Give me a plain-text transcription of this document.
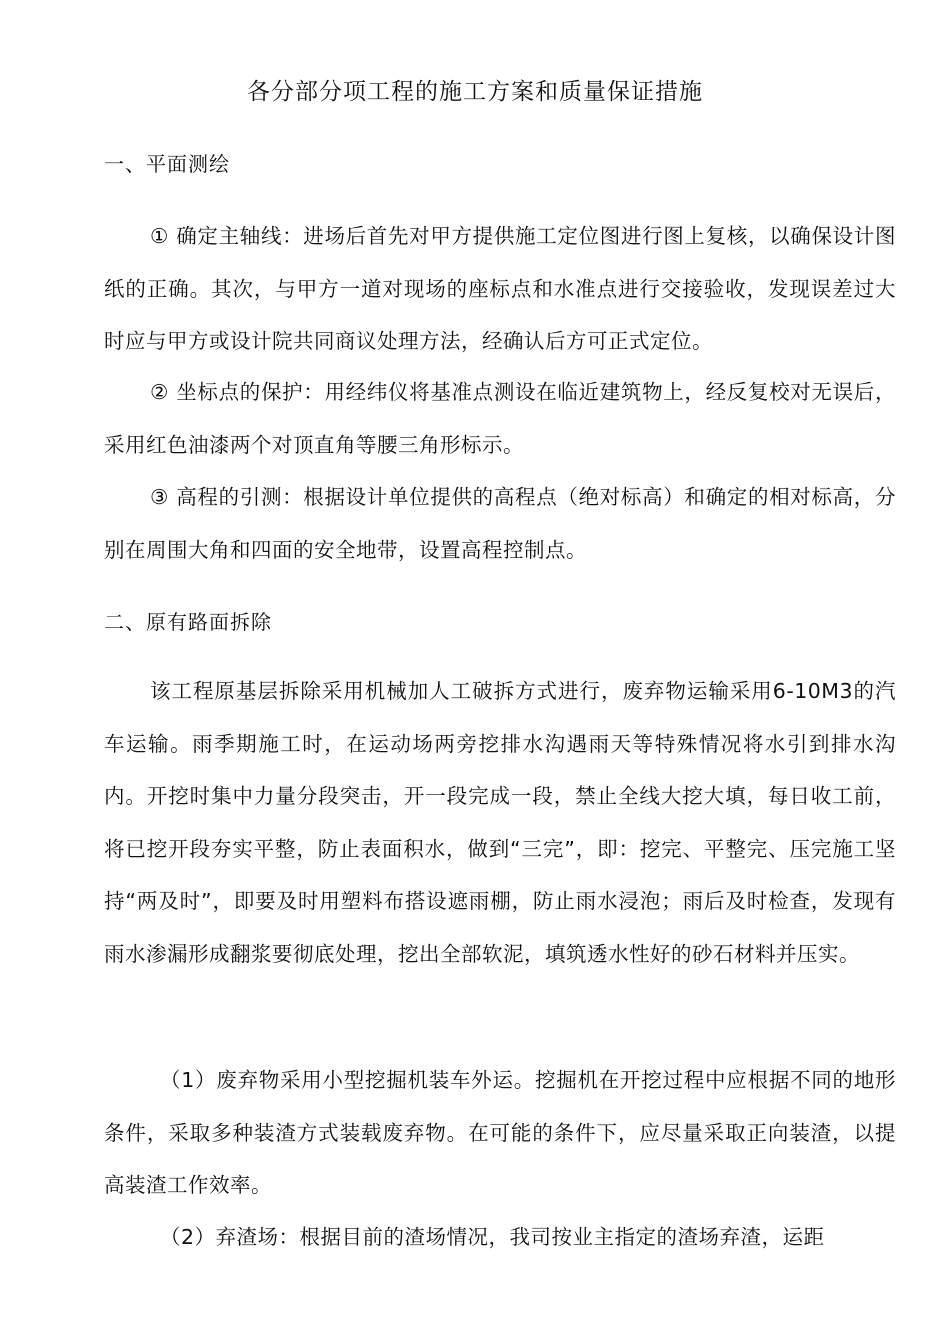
各分部分项工程的施工方案和质量保证措施
一、平面测绘
① 确定主轴线：进场后首先对甲方提供施工定位图进行图上复核，以确保设计图纸的正确。其次，与甲方一道对现场的座标点和水准点进行交接验收，发现误差过大时应与甲方或设计院共同商议处理方法，经确认后方可正式定位。
② 坐标点的保护：用经纬仪将基准点测设在临近建筑物上，经反复校对无误后，采用红色油漆两个对顶直角等腰三角形标示。
③ 高程的引测：根据设计单位提供的高程点（绝对标高）和确定的相对标高，分别在周围大角和四面的安全地带，设置高程控制点。
二、原有路面拆除
该工程原基层拆除采用机械加人工破拆方式进行，废弃物运输采用6-10M3的汽车运输。雨季期施工时，在运动场两旁挖排水沟遇雨天等特殊情况将水引到排水沟内。开挖时集中力量分段突击，开一段完成一段，禁止全线大挖大填，每日收工前，将已挖开段夯实平整，防止表面积水，做到“三完”，即：挖完、平整完、压完施工坚持“两及时”，即要及时用塑料布搭设遮雨棚，防止雨水浸泡；雨后及时检查，发现有雨水渗漏形成翻浆要彻底处理，挖出全部软泥，填筑透水性好的砂石材料并压实。
（1）废弃物采用小型挖掘机装车外运。挖掘机在开挖过程中应根据不同的地形条件，采取多种装渣方式装载废弃物。在可能的条件下，应尽量采取正向装渣，以提高装渣工作效率。
（2）弃渣场：根据目前的渣场情况，我司按业主指定的渣场弃渣，运距
